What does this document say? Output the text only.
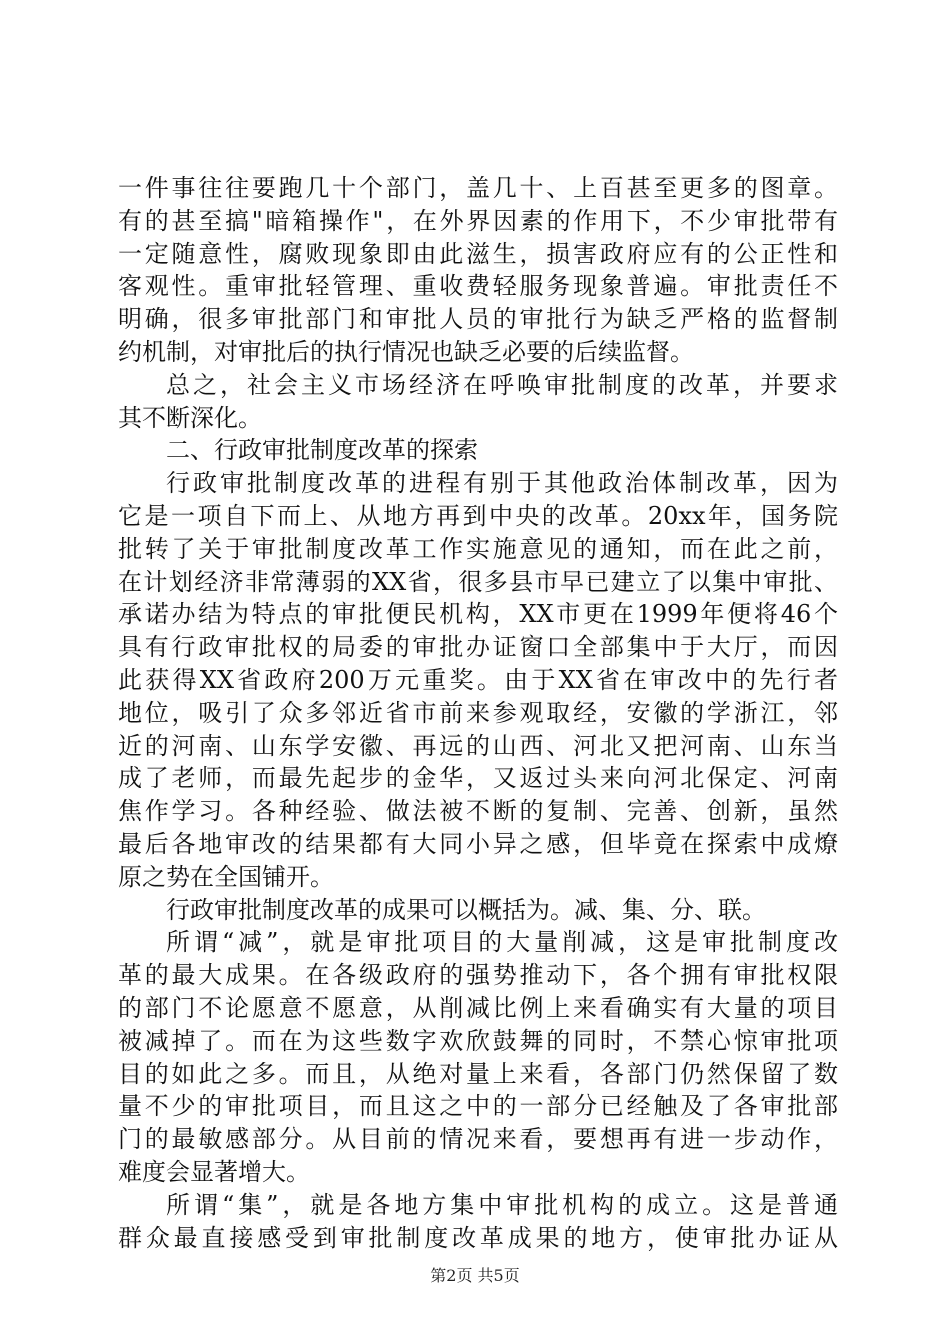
一件事往往要跑几十个部门，盖几十、上百甚至更多的图章。
有的甚至搞"暗箱操作"，在外界因素的作用下，不少审批带有
一定随意性，腐败现象即由此滋生，损害政府应有的公正性和
客观性。重审批轻管理、重收费轻服务现象普遍。审批责任不
明确，很多审批部门和审批人员的审批行为缺乏严格的监督制
约机制，对审批后的执行情况也缺乏必要的后续监督。
总之，社会主义市场经济在呼唤审批制度的改革，并要求
其不断深化。
二、行政审批制度改革的探索
行政审批制度改革的进程有别于其他政治体制改革，因为
它是一项自下而上、从地方再到中央的改革。20xx年，国务院
批转了关于审批制度改革工作实施意见的通知，而在此之前，
在计划经济非常薄弱的XX省，很多县市早已建立了以集中审批、
承诺办结为特点的审批便民机构，XX市更在1999年便将46个
具有行政审批权的局委的审批办证窗口全部集中于大厅，而因
此获得XX省政府200万元重奖。由于XX省在审改中的先行者
地位，吸引了众多邻近省市前来参观取经，安徽的学浙江，邻
近的河南、山东学安徽、再远的山西、河北又把河南、山东当
成了老师，而最先起步的金华，又返过头来向河北保定、河南
焦作学习。各种经验、做法被不断的复制、完善、创新，虽然
最后各地审改的结果都有大同小异之感，但毕竟在探索中成燎
原之势在全国铺开。
行政审批制度改革的成果可以概括为。减、集、分、联。
所谓“减”，就是审批项目的大量削减，这是审批制度改
革的最大成果。在各级政府的强势推动下，各个拥有审批权限
的部门不论愿意不愿意，从削减比例上来看确实有大量的项目
被减掉了。而在为这些数字欢欣鼓舞的同时，不禁心惊审批项
目的如此之多。而且，从绝对量上来看，各部门仍然保留了数
量不少的审批项目，而且这之中的一部分已经触及了各审批部
门的最敏感部分。从目前的情况来看，要想再有进一步动作，
难度会显著增大。
所谓“集”，就是各地方集中审批机构的成立。这是普通
群众最直接感受到审批制度改革成果的地方，使审批办证从
第2页 共5页
